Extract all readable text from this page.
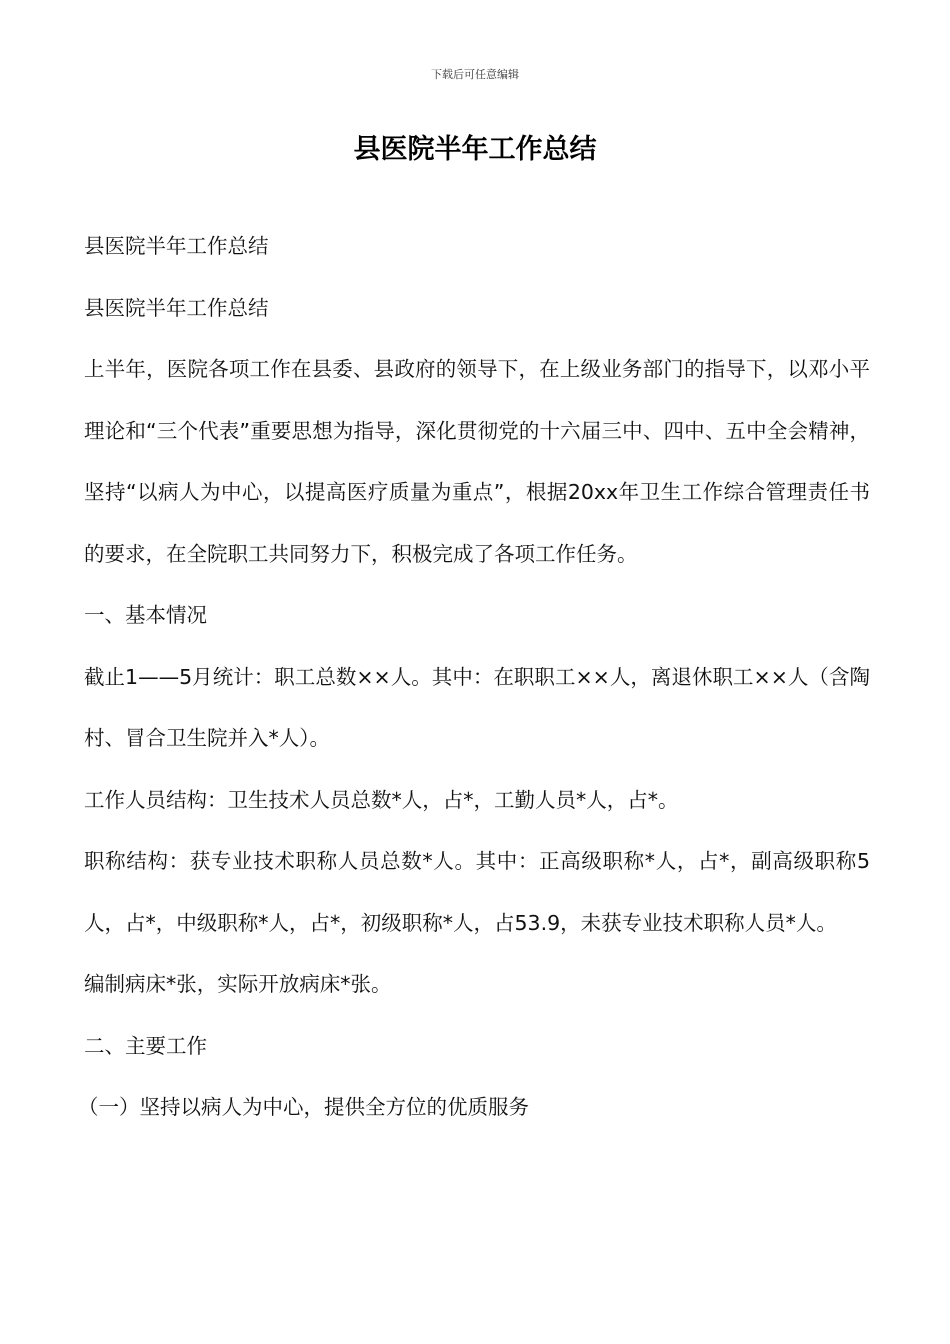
下载后可任意编辑
县医院半年工作总结

县医院半年工作总结

县医院半年工作总结

上半年，医院各项工作在县委、县政府的领导下，在上级业务部门的指导下，以邓小平理论和“三个代表”重要思想为指导，深化贯彻党的十六届三中、四中、五中全会精神，坚持“以病人为中心，以提高医疗质量为重点”，根据20xx年卫生工作综合管理责任书的要求，在全院职工共同努力下，积极完成了各项工作任务。

一、基本情况

截止1——5月统计：职工总数××人。其中：在职职工××人，离退休职工××人（含陶村、冒合卫生院并入*人）。

工作人员结构：卫生技术人员总数*人，占*，工勤人员*人，占*。

职称结构：获专业技术职称人员总数*人。其中：正高级职称*人，占*，副高级职称5人，占*，中级职称*人，占*，初级职称*人，占53.9，未获专业技术职称人员*人。

编制病床*张，实际开放病床*张。

二、主要工作

（一）坚持以病人为中心，提供全方位的优质服务
